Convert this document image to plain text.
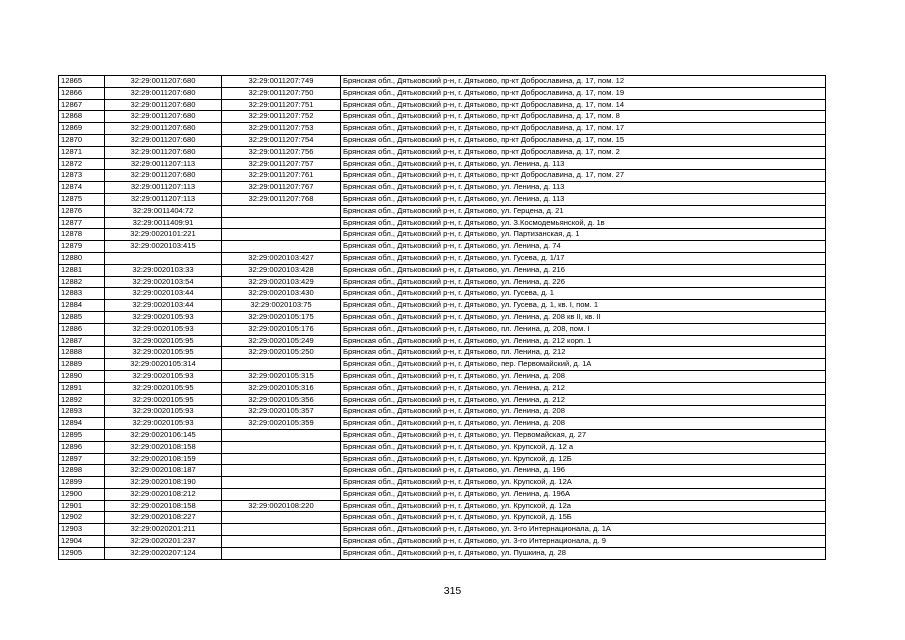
12865	32:29:0011207:680	32:29:0011207:749	Брянская обл., Дятьковский р-н, г. Дятьково, пр-кт Доброславина, д. 17, пом. 12
12866	32:29:0011207:680	32:29:0011207:750	Брянская обл., Дятьковский р-н, г. Дятьково, пр-кт Доброславина, д. 17, пом. 19
12867	32:29:0011207:680	32:29:0011207:751	Брянская обл., Дятьковский р-н, г. Дятьково, пр-кт Доброславина, д. 17, пом. 14
12868	32:29:0011207:680	32:29:0011207:752	Брянская обл., Дятьковский р-н, г. Дятьково, пр-кт Доброславина, д. 17, пом. 8
12869	32:29:0011207:680	32:29:0011207:753	Брянская обл., Дятьковский р-н, г. Дятьково, пр-кт Доброславина, д. 17, пом. 17
12870	32:29:0011207:680	32:29:0011207:754	Брянская обл., Дятьковский р-н, г. Дятьково, пр-кт Доброславина, д. 17, пом. 15
12871	32:29:0011207:680	32:29:0011207:756	Брянская обл., Дятьковский р-н, г. Дятьково, пр-кт Доброславина, д. 17, пом. 2
12872	32:29:0011207:113	32:29:0011207:757	Брянская обл., Дятьковский р-н, г. Дятьково, ул. Ленина, д. 113
12873	32:29:0011207:680	32:29:0011207:761	Брянская обл., Дятьковский р-н, г. Дятьково, пр-кт Доброславина, д. 17, пом. 27
12874	32:29:0011207:113	32:29:0011207:767	Брянская обл., Дятьковский р-н, г. Дятьково, ул. Ленина, д. 113
12875	32:29:0011207:113	32:29:0011207:768	Брянская обл., Дятьковский р-н, г. Дятьково, ул. Ленина, д. 113
12876	32:29:0011404:72		Брянская обл., Дятьковский р-н, г. Дятьково, ул. Герцена, д. 21
12877	32:29:0011409:91		Брянская обл., Дятьковский р-н, г. Дятьково, ул. З.Космодемьянской, д. 1в
12878	32:29:0020101:221		Брянская обл., Дятьковский р-н, г. Дятьково, ул. Партизанская, д. 1
12879	32:29:0020103:415		Брянская обл., Дятьковский р-н, г. Дятьково, ул. Ленина, д. 74
12880		32:29:0020103:427	Брянская обл., Дятьковский р-н, г. Дятьково, ул. Гусева, д. 1/17
12881	32:29:0020103:33	32:29:0020103:428	Брянская обл., Дятьковский р-н, г. Дятьково, ул. Ленина, д. 216
12882	32:29:0020103:54	32:29:0020103:429	Брянская обл., Дятьковский р-н, г. Дятьково, ул. Ленина, д. 226
12883	32:29:0020103:44	32:29:0020103:430	Брянская обл., Дятьковский р-н, г. Дятьково, ул. Гусева, д. 1
12884	32:29:0020103:44	32:29:0020103:75	Брянская обл., Дятьковский р-н, г. Дятьково, ул. Гусева, д. 1, кв. I, пом. 1
12885	32:29:0020105:93	32:29:0020105:175	Брянская обл., Дятьковский р-н, г. Дятьково, ул. Ленина, д. 208 кв II, кв. II
12886	32:29:0020105:93	32:29:0020105:176	Брянская обл., Дятьковский р-н, г. Дятьково, пл. Ленина, д. 208, пом. I
12887	32:29:0020105:95	32:29:0020105:249	Брянская обл., Дятьковский р-н, г. Дятьково, ул. Ленина, д. 212 корп. 1
12888	32:29:0020105:95	32:29:0020105:250	Брянская обл., Дятьковский р-н, г. Дятьково, пл. Ленина, д. 212
12889	32:29:0020105:314		Брянская обл., Дятьковский р-н, г. Дятьково, пер. Первомайский, д. 1А
12890	32:29:0020105:93	32:29:0020105:315	Брянская обл., Дятьковский р-н, г. Дятьково, ул. Ленина, д. 208
12891	32:29:0020105:95	32:29:0020105:316	Брянская обл., Дятьковский р-н, г. Дятьково, ул. Ленина, д. 212
12892	32:29:0020105:95	32:29:0020105:356	Брянская обл., Дятьковский р-н, г. Дятьково, ул. Ленина, д. 212
12893	32:29:0020105:93	32:29:0020105:357	Брянская обл., Дятьковский р-н, г. Дятьково, ул. Ленина, д. 208
12894	32:29:0020105:93	32:29:0020105:359	Брянская обл., Дятьковский р-н, г. Дятьково, ул. Ленина, д. 208
12895	32:29:0020106:145		Брянская обл., Дятьковский р-н, г. Дятьково, ул. Первомайская, д. 27
12896	32:29:0020108:158		Брянская обл., Дятьковский р-н, г. Дятьково, ул. Крупской, д. 12 а
12897	32:29:0020108:159		Брянская обл., Дятьковский р-н, г. Дятьково, ул. Крупской, д. 12Б
12898	32:29:0020108:187		Брянская обл., Дятьковский р-н, г. Дятьково, ул. Ленина, д. 196
12899	32:29:0020108:190		Брянская обл., Дятьковский р-н, г. Дятьково, ул. Крупской, д. 12А
12900	32:29:0020108:212		Брянская обл., Дятьковский р-н, г. Дятьково, ул. Ленина, д. 196А
12901	32:29:0020108:158	32:29:0020108:220	Брянская обл., Дятьковский р-н, г. Дятьково, ул. Крупской, д. 12а
12902	32:29:0020108:227		Брянская обл., Дятьковский р-н, г. Дятьково, ул. Крупской, д. 15Б
12903	32:29:0020201:211		Брянская обл., Дятьковский р-н, г. Дятьково, ул. 3-го Интернационала, д. 1А
12904	32:29:0020201:237		Брянская обл., Дятьковский р-н, г. Дятьково, ул. 3-го Интернационала, д. 9
12905	32:29:0020207:124		Брянская обл., Дятьковский р-н, г. Дятьково, ул. Пушкина, д. 28
315
